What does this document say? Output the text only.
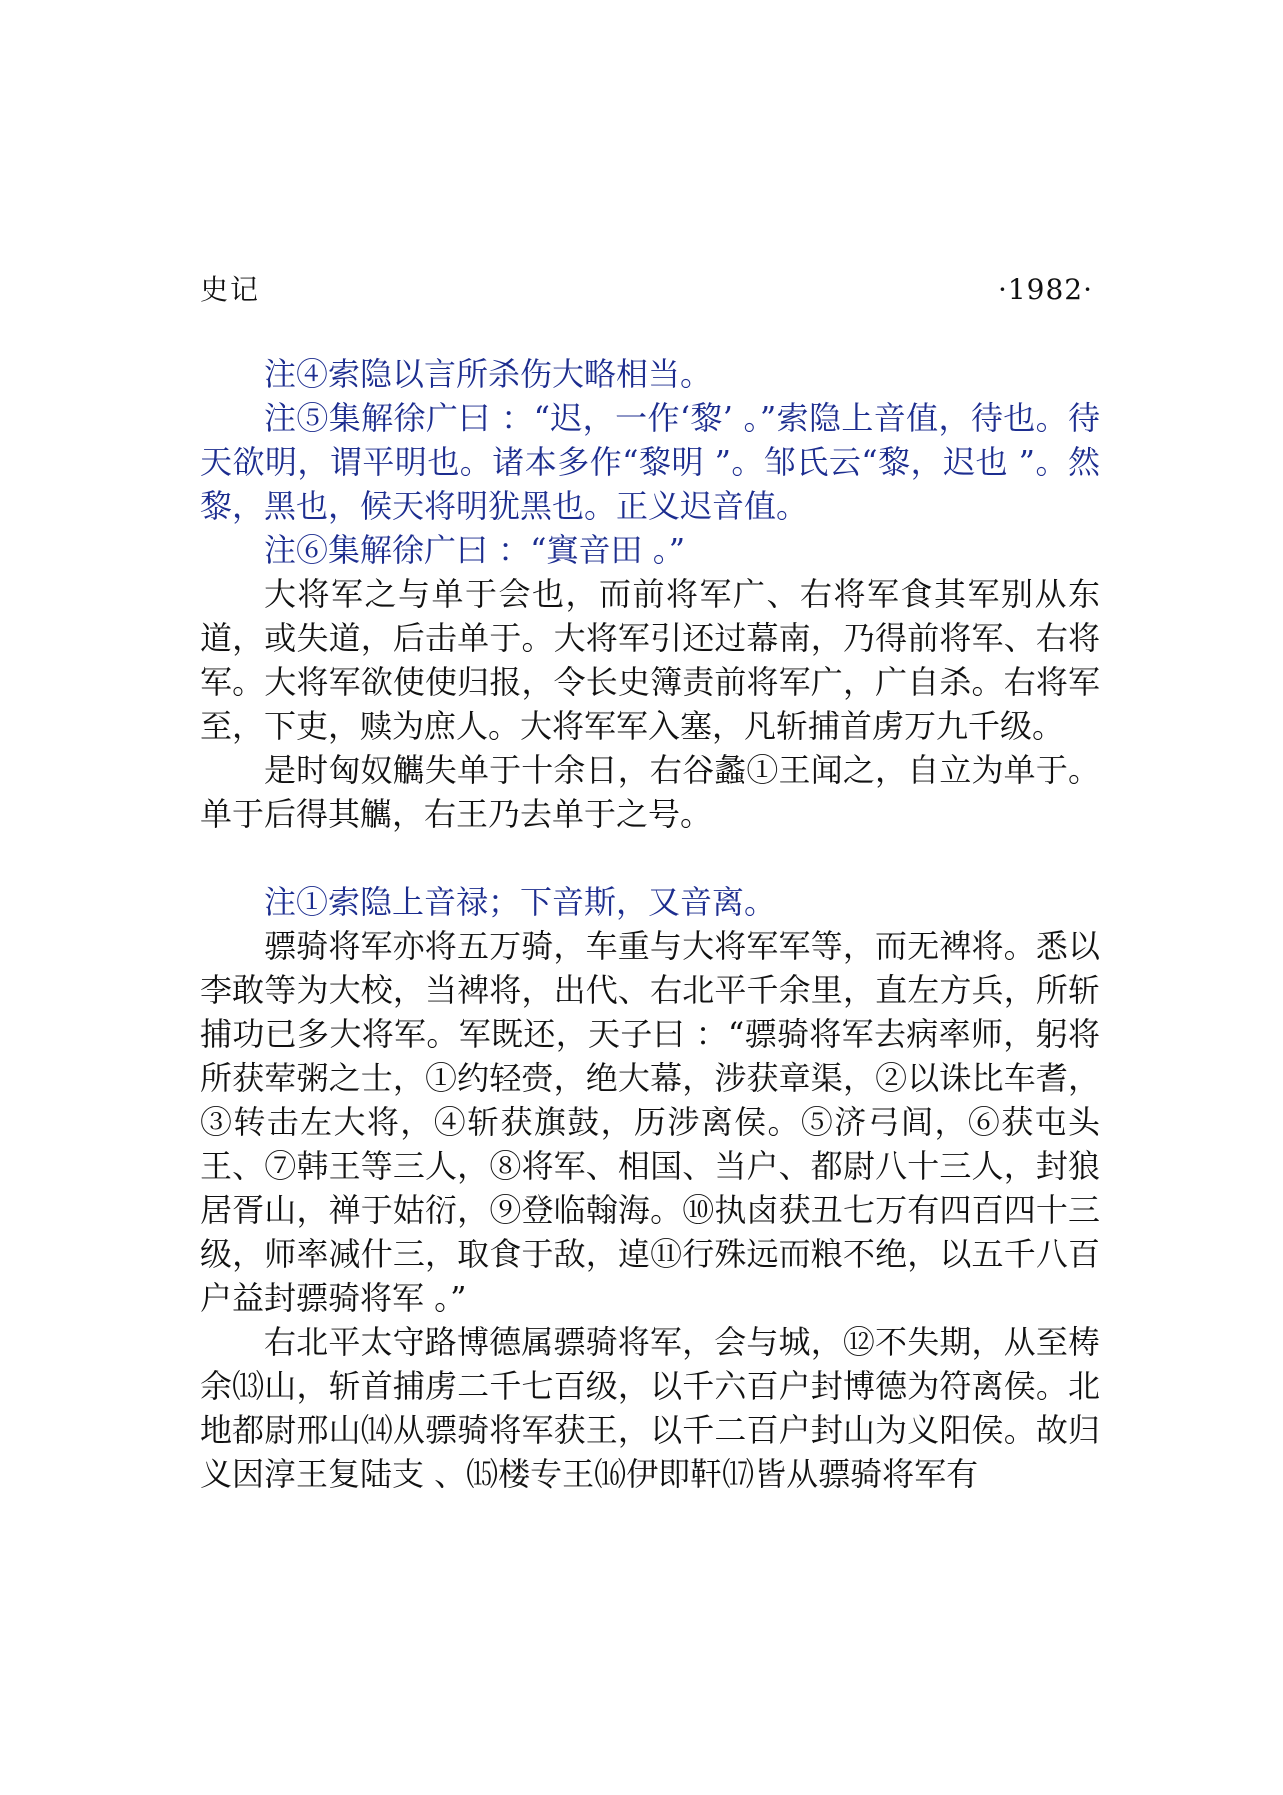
史记	·1982·

注④索隐以言所杀伤大略相当。

注⑤集解徐广曰 ：“迟，一作‘黎’ 。”索隐上音值，待也。待天欲明，谓平明也。诸本多作“黎明 ”。邹氏云“黎，迟也 ”。然黎，黑也，候天将明犹黑也。正义迟音值。

注⑥集解徐广曰 ：“窴音田 。”

大将军之与单于会也，而前将军广、右将军食其军别从东道，或失道，后击单于。大将军引还过幕南，乃得前将军、右将军。大将军欲使使归报，令长史簿责前将军广，广自杀。右将军至，下吏，赎为庶人。大将军军入塞，凡斩捕首虏万九千级。

是时匈奴觽失单于十余日，右谷蠡①王闻之，自立为单于。单于后得其觽，右王乃去单于之号。

注①索隐上音禄；下音斯，又音离。

骠骑将军亦将五万骑，车重与大将军军等，而无裨将。悉以李敢等为大校，当裨将，出代、右北平千余里，直左方兵，所斩捕功已多大将军。军既还，天子曰 ：“骠骑将军去病率师，躬将所获荤粥之士，①约轻赍，绝大幕，涉获章渠，②以诛比车耆，③转击左大将，④斩获旗鼓，历涉离侯。⑤济弓闾，⑥获屯头王、⑦韩王等三人，⑧将军、相国、当户、都尉八十三人，封狼居胥山，禅于姑衍，⑨登临翰海。⑩执卤获丑七万有四百四十三级，师率减什三，取食于敌，逴⑪行殊远而粮不绝，以五千八百户益封骠骑将军 。”

右北平太守路博德属骠骑将军，会与城，⑫不失期，从至梼余⒀山，斩首捕虏二千七百级，以千六百户封博德为符离侯。北地都尉邢山⒁从骠骑将军获王，以千二百户封山为义阳侯。故归义因淳王复陆支 、⒂楼专王⒃伊即靬⒄皆从骠骑将军有
